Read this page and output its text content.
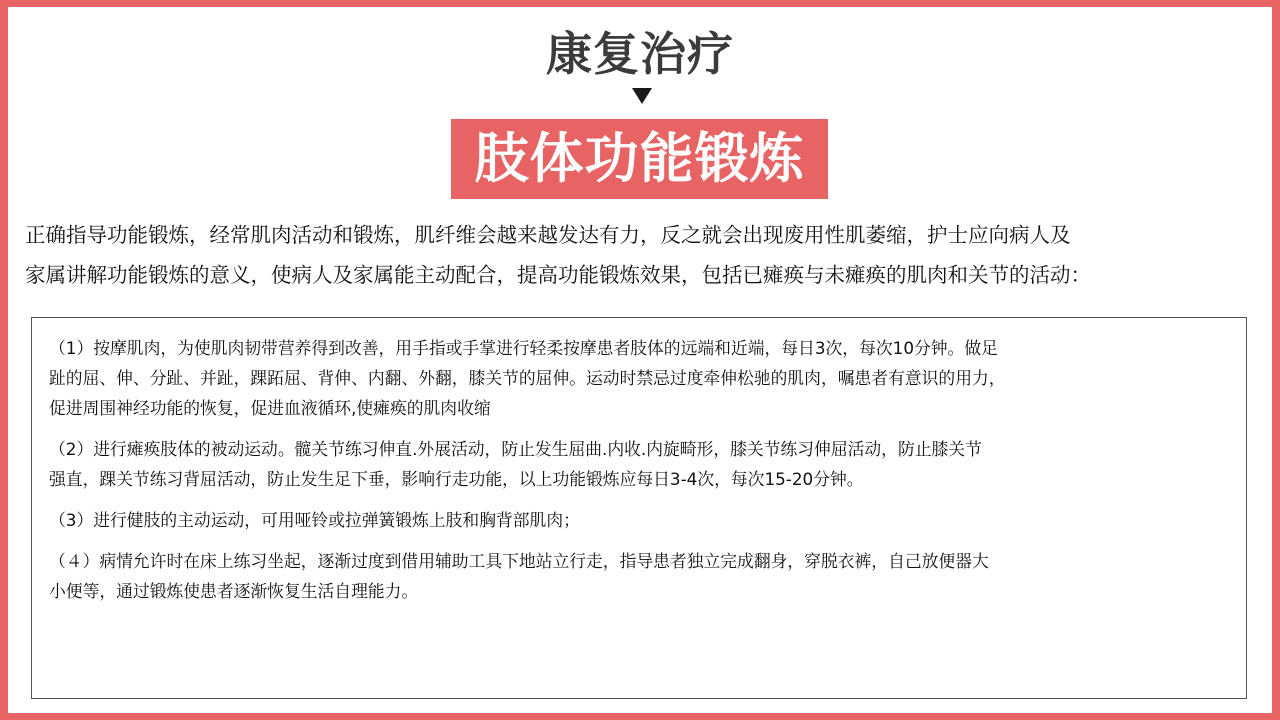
康复治疗
肢体功能锻炼
正确指导功能锻炼，经常肌肉活动和锻炼，肌纤维会越来越发达有力，反之就会出现废用性肌萎缩，护士应向病人及
家属讲解功能锻炼的意义，使病人及家属能主动配合，提高功能锻炼效果，包括已瘫痪与未瘫痪的肌肉和关节的活动：
（1）按摩肌肉，为使肌肉韧带营养得到改善，用手指或手掌进行轻柔按摩患者肢体的远端和近端，每日3次，每次10分钟。做足
趾的屈、伸、分趾、并趾，踝跖屈、背伸、内翻、外翻，膝关节的屈伸。运动时禁忌过度牵伸松驰的肌肉，嘱患者有意识的用力，
促进周围神经功能的恢复，促进血液循环,使瘫痪的肌肉收缩
（2）进行瘫痪肢体的被动运动。髋关节练习伸直.外展活动，防止发生屈曲.内收.内旋畸形，膝关节练习伸屈活动，防止膝关节
强直，踝关节练习背屈活动，防止发生足下垂，影响行走功能，以上功能锻炼应每日3-4次，每次15-20分钟。
（3）进行健肢的主动运动，可用哑铃或拉弹簧锻炼上肢和胸背部肌肉；
（４）病情允许时在床上练习坐起，逐渐过度到借用辅助工具下地站立行走，指导患者独立完成翻身，穿脱衣裤，自己放便器大
小便等，通过锻炼使患者逐渐恢复生活自理能力。
